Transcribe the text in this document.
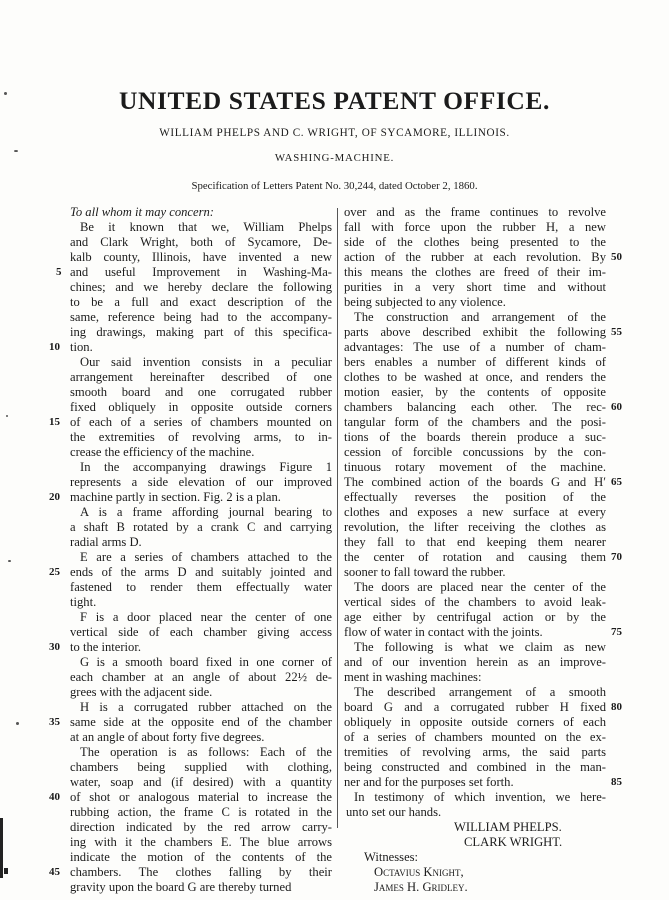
UNITED STATES PATENT OFFICE.
WILLIAM PHELPS AND C. WRIGHT, OF SYCAMORE, ILLINOIS.
WASHING-MACHINE.
Specification of Letters Patent No. 30,244, dated October 2, 1860.
To all whom it may concern:
Be it known that we, William Phelps
and Clark Wright, both of Sycamore, De-
kalb county, Illinois, have invented a new
and useful Improvement in Washing-Ma-
chines; and we hereby declare the following
to be a full and exact description of the
same, reference being had to the accompany-
ing drawings, making part of this specifica-
tion.
Our said invention consists in a peculiar
arrangement hereinafter described of one
smooth board and one corrugated rubber
fixed obliquely in opposite outside corners
of each of a series of chambers mounted on
the extremities of revolving arms, to in-
crease the efficiency of the machine.
In the accompanying drawings Figure 1
represents a side elevation of our improved
machine partly in section. Fig. 2 is a plan.
A is a frame affording journal bearing to
a shaft B rotated by a crank C and carrying
radial arms D.
E are a series of chambers attached to the
ends of the arms D and suitably jointed and
fastened to render them effectually water
tight.
F is a door placed near the center of one
vertical side of each chamber giving access
to the interior.
G is a smooth board fixed in one corner of
each chamber at an angle of about 22½ de-
grees with the adjacent side.
H is a corrugated rubber attached on the
same side at the opposite end of the chamber
at an angle of about forty five degrees.
The operation is as follows: Each of the
chambers being supplied with clothing,
water, soap and (if desired) with a quantity
of shot or analogous material to increase the
rubbing action, the frame C is rotated in the
direction indicated by the red arrow carry-
ing with it the chambers E. The blue arrows
indicate the motion of the contents of the
chambers. The clothes falling by their
gravity upon the board G are thereby turned
over and as the frame continues to revolve
fall with force upon the rubber H, a new
side of the clothes being presented to the
action of the rubber at each revolution. By
this means the clothes are freed of their im-
purities in a very short time and without
being subjected to any violence.
The construction and arrangement of the
parts above described exhibit the following
advantages: The use of a number of cham-
bers enables a number of different kinds of
clothes to be washed at once, and renders the
motion easier, by the contents of opposite
chambers balancing each other. The rec-
tangular form of the chambers and the posi-
tions of the boards therein produce a suc-
cession of forcible concussions by the con-
tinuous rotary movement of the machine.
The combined action of the boards G and H′
effectually reverses the position of the
clothes and exposes a new surface at every
revolution, the lifter receiving the clothes as
they fall to that end keeping them nearer
the center of rotation and causing them
sooner to fall toward the rubber.
The doors are placed near the center of the
vertical sides of the chambers to avoid leak-
age either by centrifugal action or by the
flow of water in contact with the joints.
The following is what we claim as new
and of our invention herein as an improve-
ment in washing machines:
The described arrangement of a smooth
board G and a corrugated rubber H fixed
obliquely in opposite outside corners of each
of a series of chambers mounted on the ex-
tremities of revolving arms, the said parts
being constructed and combined in the man-
ner and for the purposes set forth.
In testimony of which invention, we here-
unto set our hands.
WILLIAM PHELPS.
CLARK WRIGHT.
Witnesses:
Octavius Knight,
James H. Gridley.
5
10
15
20
25
30
35
40
45
50
55
60
65
70
75
80
85
